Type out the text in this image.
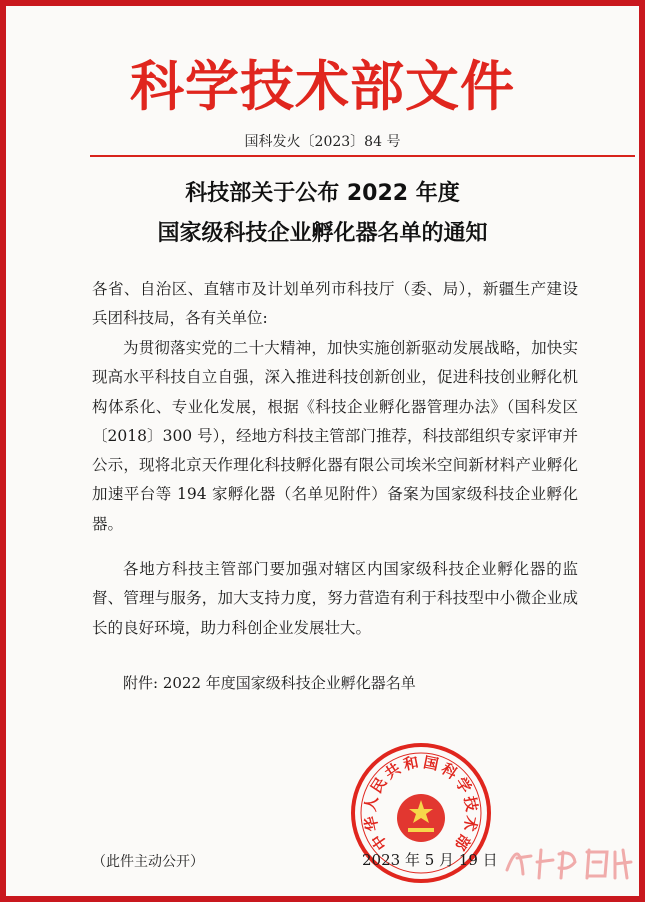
科学技术部文件
国科发火〔2023〕84 号
科技部关于公布 2022 年度
国家级科技企业孵化器名单的通知
各省、自治区、直辖市及计划单列市科技厅（委、局），新疆生产建设兵团科技局，各有关单位:
为贯彻落实党的二十大精神，加快实施创新驱动发展战略，加快实现高水平科技自立自强，深入推进科技创新创业，促进科技创业孵化机构体系化、专业化发展，根据《科技企业孵化器管理办法》（国科发区〔2018〕300 号），经地方科技主管部门推荐，科技部组织专家评审并公示，现将北京天作理化科技孵化器有限公司埃米空间新材料产业孵化加速平台等 194 家孵化器（名单见附件）备案为国家级科技企业孵化器。
各地方科技主管部门要加强对辖区内国家级科技企业孵化器的监督、管理与服务，加大支持力度，努力营造有利于科技型中小微企业成长的良好环境，助力科创企业发展壮大。
附件: 2022 年度国家级科技企业孵化器名单
中
华
人
民
共
和 国
科
学
技
术
部
（此件主动公开）	2023 年 5 月 19 日
